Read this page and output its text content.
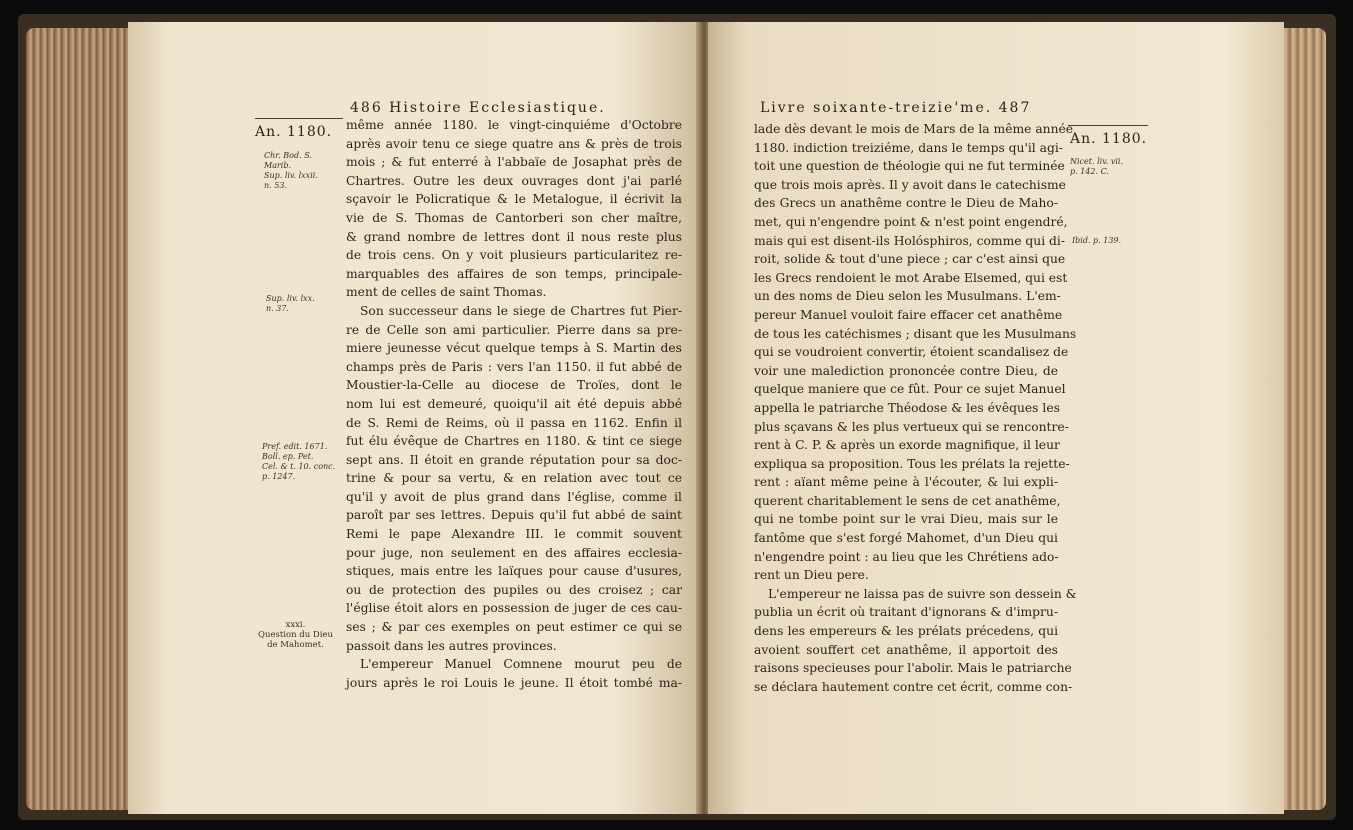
486 Histoire Ecclesiastique.
An. 1180.
Chr. Bod. S.
Marib.
Sup. liv. lxxii.
n. 53.
Sup. liv. lxx.
n. 37.
Pref. edit. 1671.
Boll. ep. Pet.
Cel. & t. 10. conc.
p. 1247.
xxxi.
Question du Dieu
de Mahomet.
même année 1180. le vingt-cinquiéme d'Octobre
après avoir tenu ce siege quatre ans & près de trois
mois ; & fut enterré à l'abbaïe de Josaphat près de
Chartres. Outre les deux ouvrages dont j'ai parlé
sçavoir le Policratique & le Metalogue, il écrivit la
vie de S. Thomas de Cantorberi son cher maître,
& grand nombre de lettres dont il nous reste plus
de trois cens. On y voit plusieurs particularitez re-
marquables des affaires de son temps, principale-
ment de celles de saint Thomas.
Son successeur dans le siege de Chartres fut Pier-
re de Celle son ami particulier. Pierre dans sa pre-
miere jeunesse vécut quelque temps à S. Martin des
champs près de Paris : vers l'an 1150. il fut abbé de
Moustier-la-Celle au diocese de Troïes, dont le
nom lui est demeuré, quoiqu'il ait été depuis abbé
de S. Remi de Reims, où il passa en 1162. Enfin il
fut élu évêque de Chartres en 1180. & tint ce siege
sept ans. Il étoit en grande réputation pour sa doc-
trine & pour sa vertu, & en relation avec tout ce
qu'il y avoit de plus grand dans l'église, comme il
paroît par ses lettres. Depuis qu'il fut abbé de saint
Remi le pape Alexandre III. le commit souvent
pour juge, non seulement en des affaires ecclesia-
stiques, mais entre les laïques pour cause d'usures,
ou de protection des pupiles ou des croisez ; car
l'église étoit alors en possession de juger de ces cau-
ses ; & par ces exemples on peut estimer ce qui se
passoit dans les autres provinces.
L'empereur Manuel Comnene mourut peu de
jours après le roi Louis le jeune. Il étoit tombé ma-
Livre soixante-treizie'me. 487
An. 1180.
Nicet. liv. vii.
p. 142. C.
Ibid. p. 139.
lade dès devant le mois de Mars de la même année
1180. indiction treiziéme, dans le temps qu'il agi-
toit une question de théologie qui ne fut terminée
que trois mois après. Il y avoit dans le catechisme
des Grecs un anathême contre le Dieu de Maho-
met, qui n'engendre point & n'est point engendré,
mais qui est disent-ils Holósphiros, comme qui di-
roit, solide & tout d'une piece ; car c'est ainsi que
les Grecs rendoient le mot Arabe Elsemed, qui est
un des noms de Dieu selon les Musulmans. L'em-
pereur Manuel vouloit faire effacer cet anathême
de tous les catéchismes ; disant que les Musulmans
qui se voudroient convertir, étoient scandalisez de
voir une malediction prononcée contre Dieu, de
quelque maniere que ce fût. Pour ce sujet Manuel
appella le patriarche Théodose & les évêques les
plus sçavans & les plus vertueux qui se rencontre-
rent à C. P. & après un exorde magnifique, il leur
expliqua sa proposition. Tous les prélats la rejette-
rent : aïant même peine à l'écouter, & lui expli-
querent charitablement le sens de cet anathême,
qui ne tombe point sur le vrai Dieu, mais sur le
fantôme que s'est forgé Mahomet, d'un Dieu qui
n'engendre point : au lieu que les Chrétiens ado-
rent un Dieu pere.
L'empereur ne laissa pas de suivre son dessein &
publia un écrit où traitant d'ignorans & d'impru-
dens les empereurs & les prélats précedens, qui
avoient souffert cet anathême, il apportoit des
raisons specieuses pour l'abolir. Mais le patriarche
se déclara hautement contre cet écrit, comme con-
